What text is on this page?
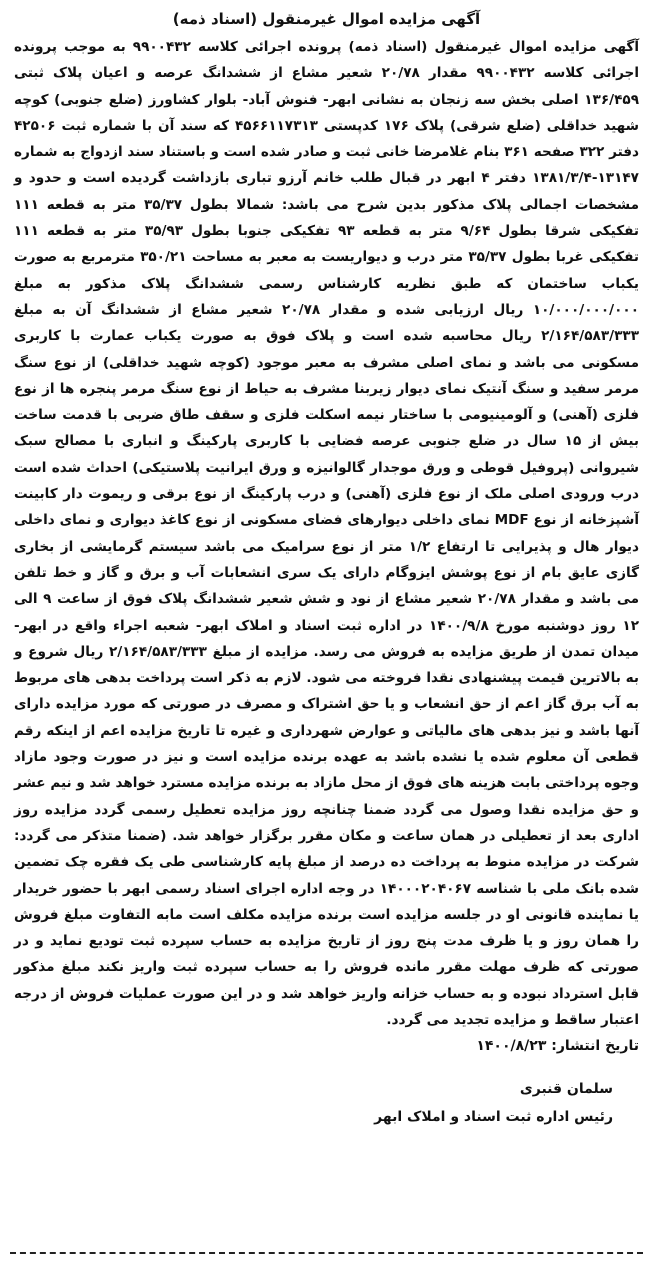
آگهی مزایده اموال غیرمنقول (اسناد ذمه)

آگهی مزایده اموال غیرمنقول (اسناد ذمه) پرونده اجرائی کلاسه ۹۹۰۰۴۳۲ به موجب پرونده اجرائی کلاسه ۹۹۰۰۴۳۲ مقدار ۲۰/۷۸ شعیر مشاع از ششدانگ عرصه و اعیان پلاک ثبتی ۱۳۶/۴۵۹ اصلی بخش سه زنجان به نشانی ابهر- فنوش آباد- بلوار کشاورز (ضلع جنوبی) کوچه شهید خداقلی (ضلع شرقی) پلاک ۱۷۶ کدپستی ۴۵۶۶۱۱۷۳۱۳ که سند آن با شماره ثبت ۴۲۵۰۶ دفتر ۳۲۲ صفحه ۳۶۱ بنام غلامرضا خانی ثبت و صادر شده است و باستناد سند ازدواج به شماره ۱۳۱۴۷-۱۳۸۱/۳/۴ دفتر ۴ ابهر در قبال طلب خانم آرزو تباری بازداشت گردیده است و حدود و مشخصات اجمالی پلاک مذکور بدین شرح می باشد: شمالا بطول ۳۵/۳۷ متر به قطعه ۱۱۱ تفکیکی شرقا بطول ۹/۶۴ متر به قطعه ۹۳ تفکیکی جنوبا بطول ۳۵/۹۳ متر به قطعه ۱۱۱ تفکیکی غربا بطول ۳۵/۳۷ متر درب و دیواریست به معبر به مساحت ۳۵۰/۲۱ مترمربع به صورت یکباب ساختمان که طبق نظریه کارشناس رسمی ششدانگ پلاک مذکور به مبلغ ۱۰/۰۰۰/۰۰۰/۰۰۰ ریال ارزیابی شده و مقدار ۲۰/۷۸ شعیر مشاع از ششدانگ آن به مبلغ ۲/۱۶۴/۵۸۳/۳۳۳ ریال محاسبه شده است و پلاک فوق به صورت یکباب عمارت با کاربری مسکونی می باشد و نمای اصلی مشرف به معبر موجود (کوچه شهید خداقلی) از نوع سنگ مرمر سفید و سنگ آنتیک نمای دیوار زیربنا مشرف به حیاط از نوع سنگ مرمر پنجره ها از نوع فلزی (آهنی) و آلومینیومی با ساختار نیمه اسکلت فلزی و سقف طاق ضربی با قدمت ساخت بیش از ۱۵ سال در ضلع جنوبی عرصه فضایی با کاربری پارکینگ و انباری با مصالح سبک شیروانی (پروفیل قوطی و ورق موجدار گالوانیزه و ورق ایرانیت پلاستیکی) احداث شده است درب ورودی اصلی ملک از نوع فلزی (آهنی) و درب پارکینگ از نوع برقی و ریموت دار کابینت آشپزخانه از نوع MDF نمای داخلی دیوارهای فضای مسکونی از نوع کاغذ دیواری و نمای داخلی دیوار هال و پذیرایی تا ارتفاع ۱/۲ متر از نوع سرامیک می باشد سیستم گرمایشی از بخاری گازی عایق بام از نوع پوشش ایزوگام دارای یک سری انشعابات آب و برق و گاز و خط تلفن می باشد و مقدار ۲۰/۷۸ شعیر مشاع از نود و شش شعیر ششدانگ پلاک فوق از ساعت ۹ الی ۱۲ روز دوشنبه مورخ ۱۴۰۰/۹/۸ در اداره ثبت اسناد و املاک ابهر- شعبه اجراء واقع در ابهر- میدان تمدن از طریق مزایده به فروش می رسد. مزایده از مبلغ ۲/۱۶۴/۵۸۳/۳۳۳ ریال شروع و به بالاترین قیمت پیشنهادی نقدا فروخته می شود. لازم به ذکر است پرداخت بدهی های مربوط به آب برق گاز اعم از حق انشعاب و یا حق اشتراک و مصرف در صورتی که مورد مزایده دارای آنها باشد و نیز بدهی های مالیاتی و عوارض شهرداری و غیره تا تاریخ مزایده اعم از اینکه رقم قطعی آن معلوم شده یا نشده باشد به عهده برنده مزایده است و نیز در صورت وجود مازاد وجوه پرداختی بابت هزینه های فوق از محل مازاد به برنده مزایده مسترد خواهد شد و نیم عشر و حق مزایده نقدا وصول می گردد ضمنا چنانچه روز مزایده تعطیل رسمی گردد مزایده روز اداری بعد از تعطیلی در همان ساعت و مکان مقرر برگزار خواهد شد. (ضمنا متذکر می گردد: شرکت در مزایده منوط به پرداخت ده درصد از مبلغ پایه کارشناسی طی یک فقره چک تضمین شده بانک ملی با شناسه ۱۴۰۰۰۲۰۴۰۶۷ در وجه اداره اجرای اسناد رسمی ابهر با حضور خریدار یا نماینده قانونی او در جلسه مزایده است برنده مزایده مکلف است مابه التفاوت مبلغ فروش را همان روز و یا ظرف مدت پنج روز از تاریخ مزایده به حساب سپرده ثبت تودیع نماید و در صورتی که ظرف مهلت مقرر مانده فروش را به حساب سپرده ثبت واریز نکند مبلغ مذکور قابل استرداد نبوده و به حساب خزانه واریز خواهد شد و در این صورت عملیات فروش از درجه اعتبار ساقط و مزایده تجدید می گردد.

تاریخ انتشار: ۱۴۰۰/۸/۲۳

سلمان قنبری
رئیس اداره ثبت اسناد و املاک ابهر
